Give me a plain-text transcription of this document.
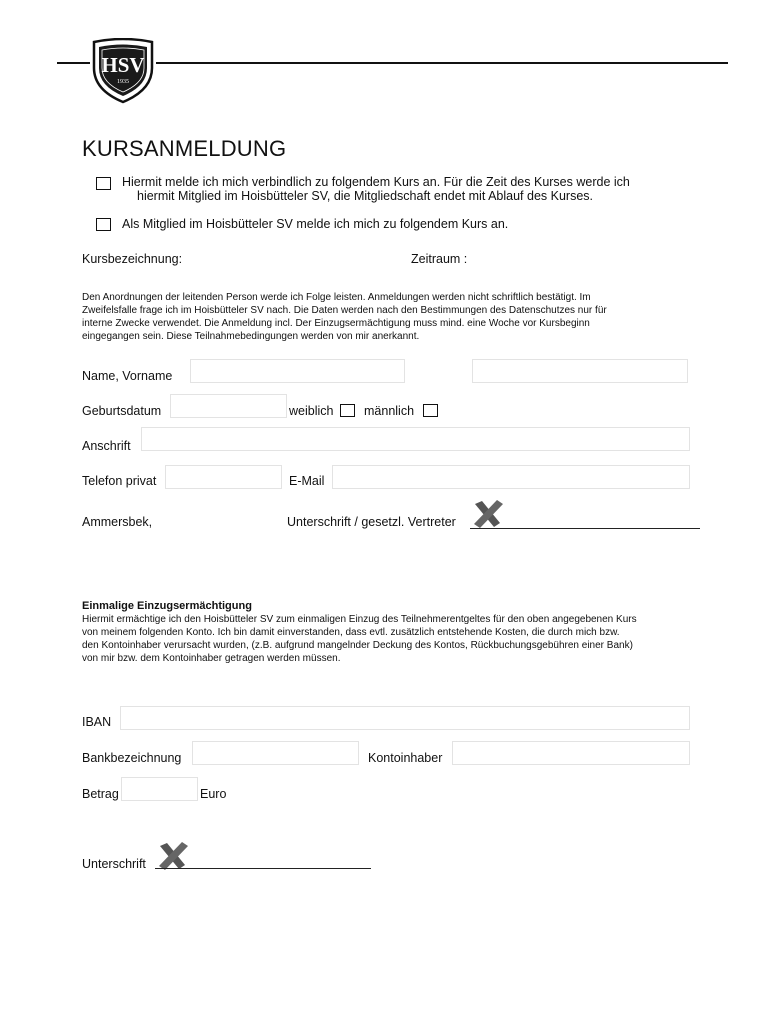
HSV
1935
KURSANMELDUNG
Hiermit melde ich mich verbindlich zu folgendem Kurs an. Für die Zeit des Kurses werde ich
hiermit Mitglied im Hoisbütteler SV, die Mitgliedschaft endet mit Ablauf des Kurses.
Als Mitglied im Hoisbütteler SV melde ich mich zu folgendem Kurs an.
Kursbezeichnung:	Zeitraum :
Den Anordnungen der leitenden Person werde ich Folge leisten. Anmeldungen werden nicht schriftlich bestätigt. Im
Zweifelsfalle frage ich im Hoisbütteler SV nach. Die Daten werden nach den Bestimmungen des Datenschutzes nur für
interne Zwecke verwendet. Die Anmeldung incl. Der Einzugsermächtigung muss mind. eine Woche vor Kursbeginn
eingegangen sein. Diese Teilnahmebedingungen werden von mir anerkannt.
Name, Vorname
Geburtsdatum	weiblich männlich
Anschrift
Telefon privat	E-Mail
Ammersbek,	Unterschrift / gesetzl. Vertreter
Einmalige Einzugsermächtigung
Hiermit ermächtige ich den Hoisbütteler SV zum einmaligen Einzug des Teilnehmerentgeltes für den oben angegebenen Kurs
von meinem folgenden Konto. Ich bin damit einverstanden, dass evtl. zusätzlich entstehende Kosten, die durch mich bzw.
den Kontoinhaber verursacht wurden, (z.B. aufgrund mangelnder Deckung des Kontos, Rückbuchungsgebühren einer Bank)
von mir bzw. dem Kontoinhaber getragen werden müssen.
IBAN
Bankbezeichnung	Kontoinhaber
Betrag	Euro
Unterschrift
